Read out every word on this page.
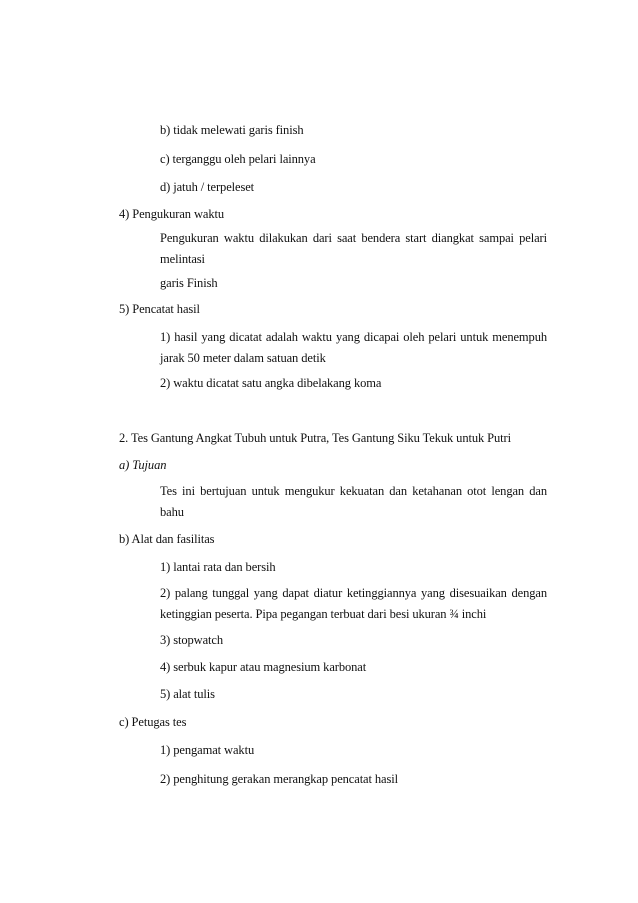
b) tidak melewati garis finish
c) terganggu oleh pelari lainnya
d) jatuh / terpeleset
4) Pengukuran waktu
Pengukuran waktu dilakukan dari saat bendera start diangkat sampai pelari melintasi
garis Finish
5) Pencatat hasil
1) hasil yang dicatat adalah waktu yang dicapai oleh pelari untuk menempuh jarak 50 meter dalam satuan detik
2) waktu dicatat satu angka dibelakang koma
2. Tes Gantung Angkat Tubuh untuk Putra, Tes Gantung Siku Tekuk untuk Putri
a) Tujuan
Tes ini bertujuan untuk mengukur kekuatan dan ketahanan otot lengan dan bahu
b) Alat dan fasilitas
1) lantai rata dan bersih
2) palang tunggal yang dapat diatur ketinggiannya yang disesuaikan dengan ketinggian peserta. Pipa pegangan terbuat dari besi ukuran ¾ inchi
3) stopwatch
4) serbuk kapur atau magnesium karbonat
5) alat tulis
c) Petugas tes
1) pengamat waktu
2) penghitung gerakan merangkap pencatat hasil
